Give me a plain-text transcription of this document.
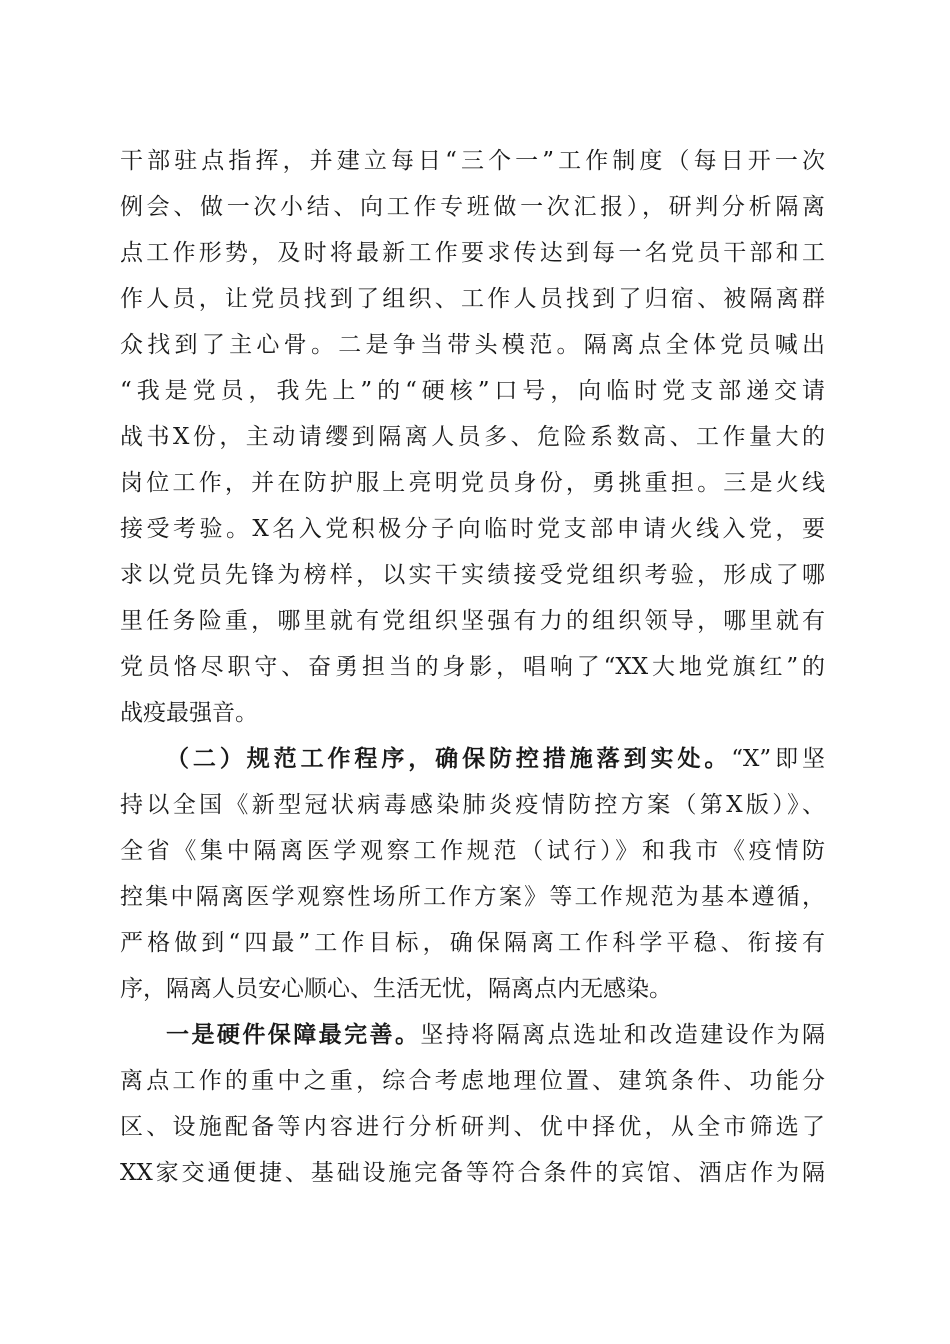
干部驻点指挥，并建立每日“三个一”工作制度（每日开一次
例会、做一次小结、向工作专班做一次汇报），研判分析隔离
点工作形势，及时将最新工作要求传达到每一名党员干部和工
作人员，让党员找到了组织、工作人员找到了归宿、被隔离群
众找到了主心骨。二是争当带头模范。隔离点全体党员喊出
“我是党员，我先上”的“硬核”口号，向临时党支部递交请
战书X份，主动请缨到隔离人员多、危险系数高、工作量大的
岗位工作，并在防护服上亮明党员身份，勇挑重担。三是火线
接受考验。X名入党积极分子向临时党支部申请火线入党，要
求以党员先锋为榜样，以实干实绩接受党组织考验，形成了哪
里任务险重，哪里就有党组织坚强有力的组织领导，哪里就有
党员恪尽职守、奋勇担当的身影，唱响了“XX大地党旗红”的
战疫最强音。
（二）规范工作程序，确保防控措施落到实处。“X”即坚
持以全国《新型冠状病毒感染肺炎疫情防控方案（第X版）》、
全省《集中隔离医学观察工作规范（试行）》和我市《疫情防
控集中隔离医学观察性场所工作方案》等工作规范为基本遵循，
严格做到“四最”工作目标，确保隔离工作科学平稳、衔接有
序，隔离人员安心顺心、生活无忧，隔离点内无感染。
一是硬件保障最完善。坚持将隔离点选址和改造建设作为隔
离点工作的重中之重，综合考虑地理位置、建筑条件、功能分
区、设施配备等内容进行分析研判、优中择优，从全市筛选了
XX家交通便捷、基础设施完备等符合条件的宾馆、酒店作为隔
